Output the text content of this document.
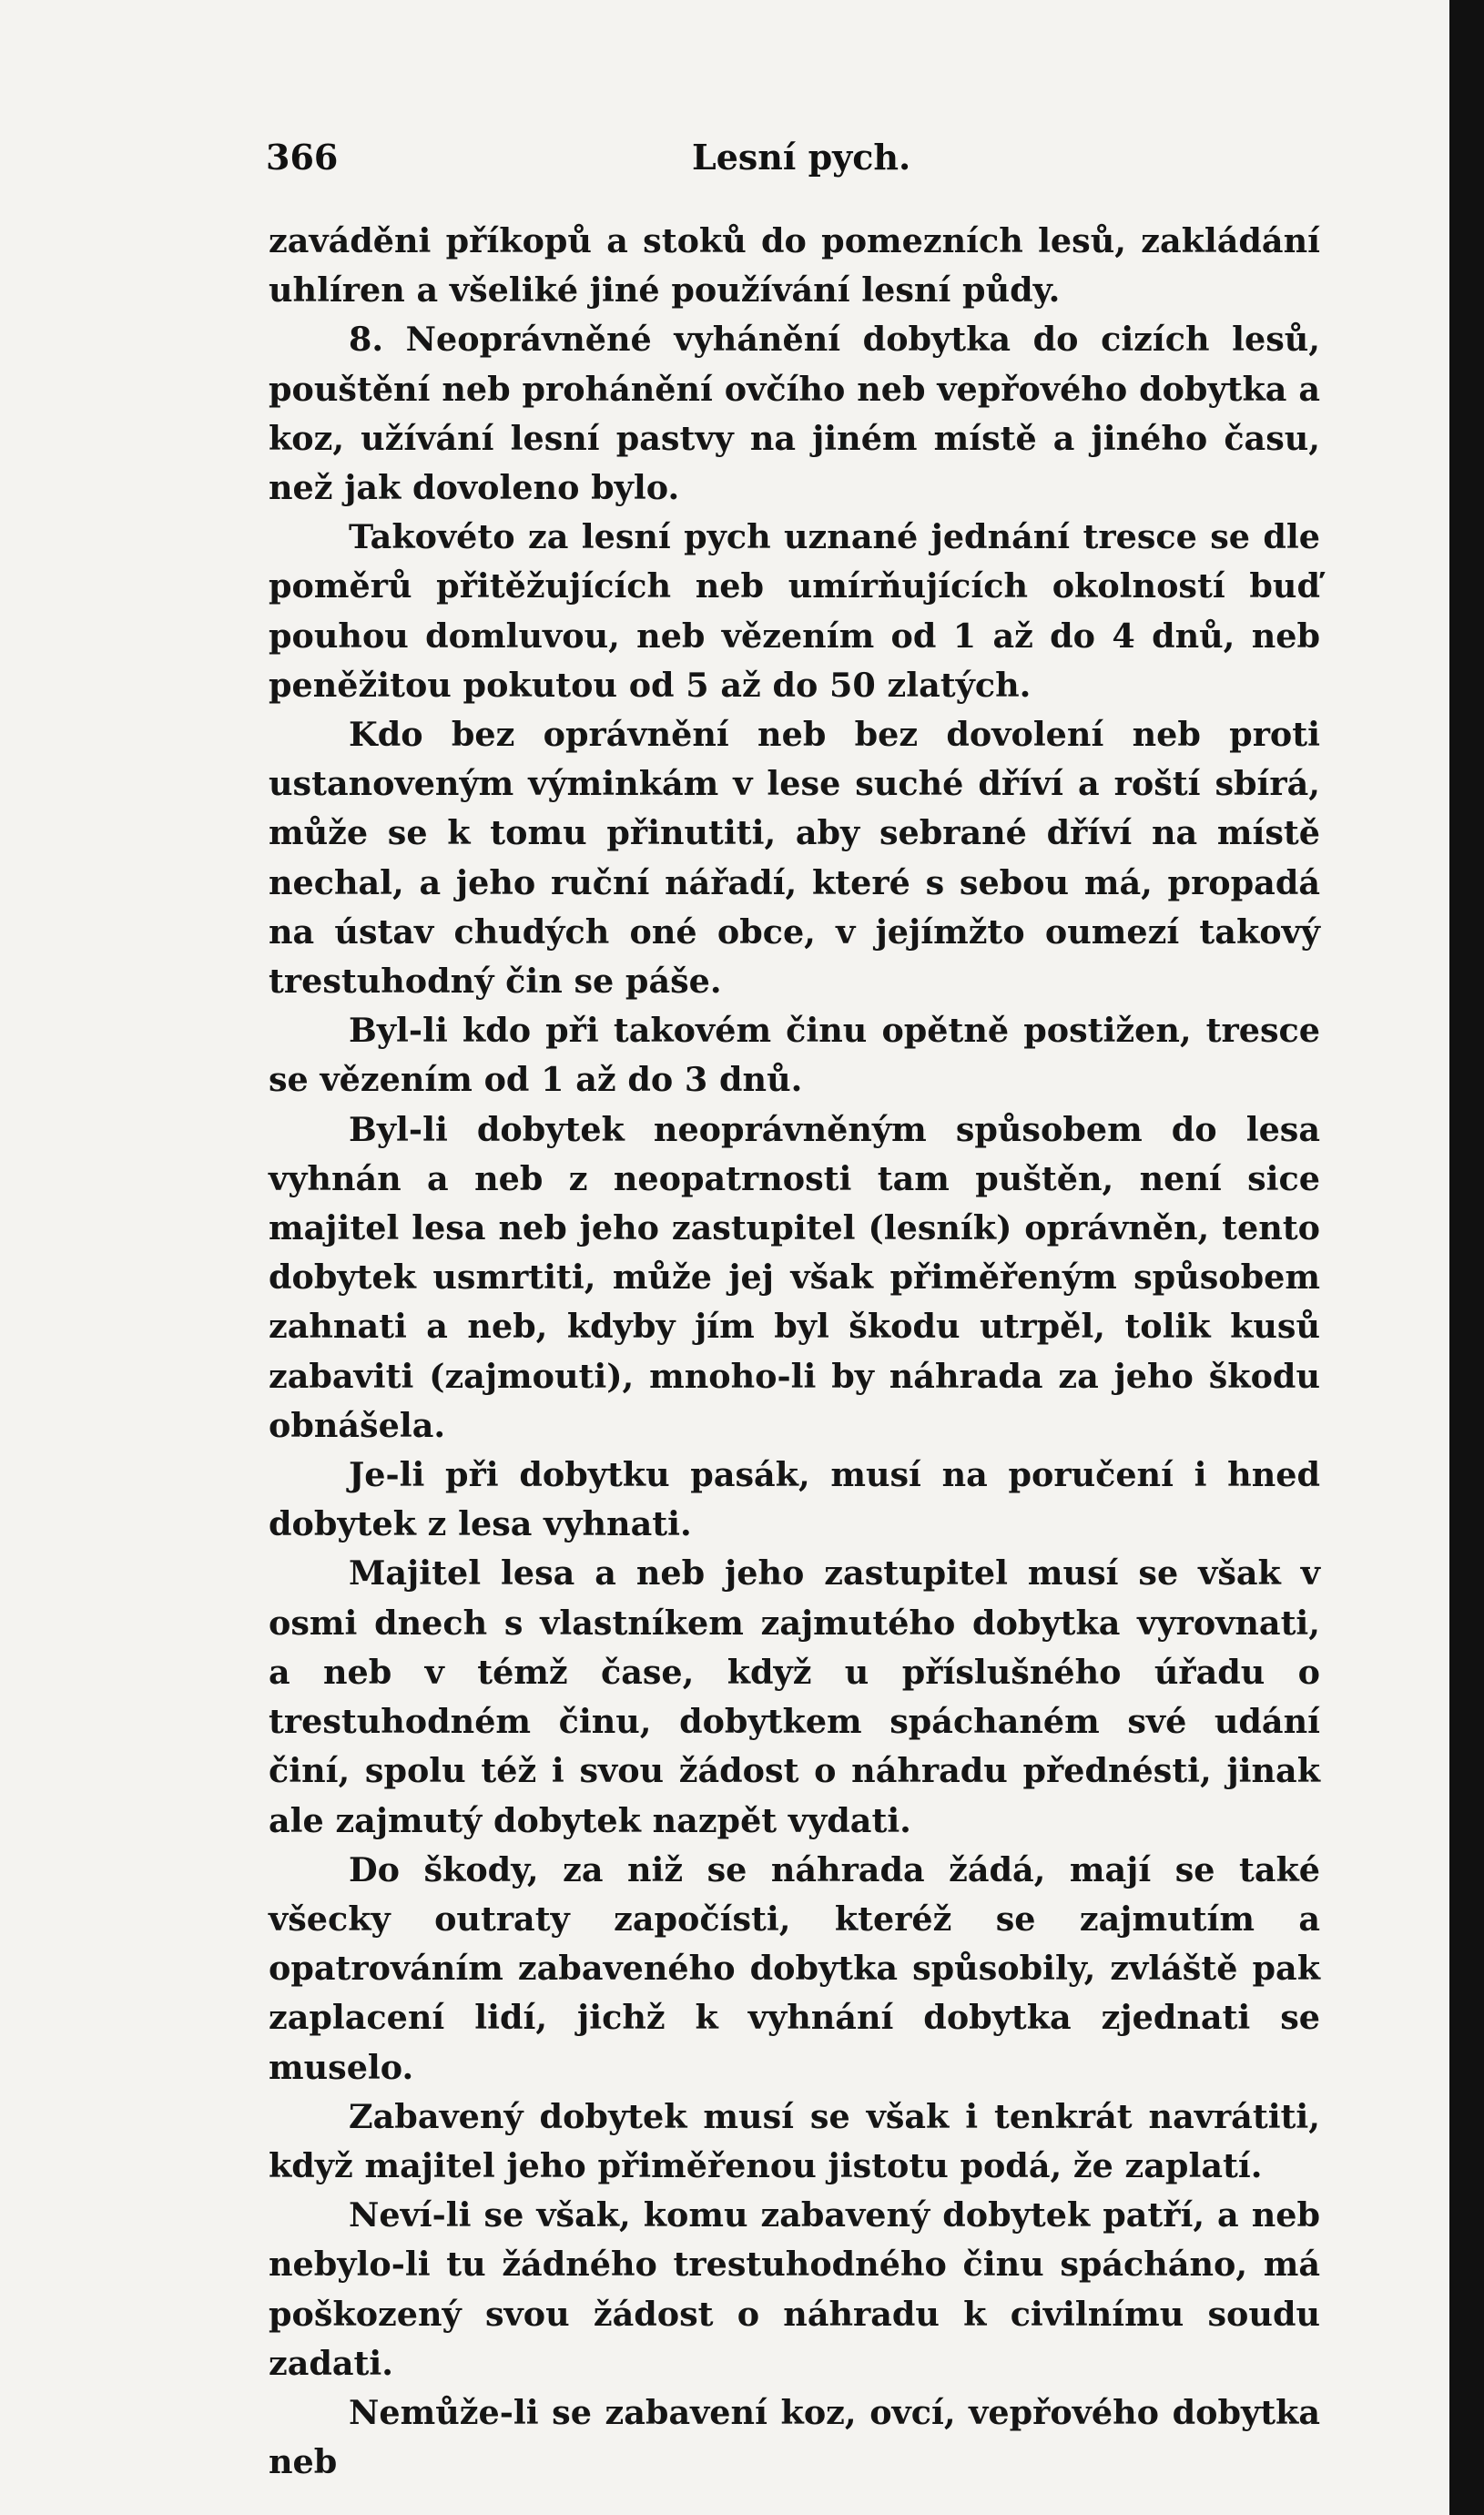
366	Lesní pych.

zaváděni příkopů a stoků do pomezních lesů, zakládání uhlíren a všeliké jiné používání lesní půdy.

8. Neoprávněné vyhánění dobytka do cizích lesů, pouštění neb prohánění ovčího neb vepřového dobytka a koz, užívání lesní pastvy na jiném místě a jiného času, než jak dovoleno bylo.

Takovéto za lesní pych uznané jednání tresce se dle poměrů přitěžujících neb umírňujících okolností buď pouhou domluvou, neb vězením od 1 až do 4 dnů, neb peněžitou pokutou od 5 až do 50 zlatých.

Kdo bez oprávnění neb bez dovolení neb proti ustanoveným výminkám v lese suché dříví a roští sbírá, může se k tomu přinutiti, aby sebrané dříví na místě nechal, a jeho ruční nářadí, které s sebou má, propadá na ústav chudých oné obce, v jejímžto oumezí takový trestuhodný čin se páše.

Byl-li kdo při takovém činu opětně postižen, tresce se vězením od 1 až do 3 dnů.

Byl-li dobytek neoprávněným spůsobem do lesa vyhnán a neb z neopatrnosti tam puštěn, není sice majitel lesa neb jeho zastupitel (lesník) oprávněn, tento dobytek usmrtiti, může jej však přiměřeným spůsobem zahnati a neb, kdyby jím byl škodu utrpěl, tolik kusů zabaviti (zajmouti), mnoho-li by náhrada za jeho škodu obnášela.

Je-li při dobytku pasák, musí na poručení i hned dobytek z lesa vyhnati.

Majitel lesa a neb jeho zastupitel musí se však v osmi dnech s vlastníkem zajmutého dobytka vyrovnati, a neb v témž čase, když u příslušného úřadu o trestuhodném činu, dobytkem spáchaném své udání činí, spolu též i svou žádost o náhradu přednésti, jinak ale zajmutý dobytek nazpět vydati.

Do škody, za niž se náhrada žádá, mají se také všecky outraty započísti, kteréž se zajmutím a opatrováním zabaveného dobytka spůsobily, zvláště pak zaplacení lidí, jichž k vyhnání dobytka zjednati se muselo.

Zabavený dobytek musí se však i tenkrát navrátiti, když majitel jeho přiměřenou jistotu podá, že zaplatí.

Neví-li se však, komu zabavený dobytek patří, a neb nebylo-li tu žádného trestuhodného činu spácháno, má poškozený svou žádost o náhradu k civilnímu soudu zadati.

Nemůže-li se zabavení koz, ovcí, vepřového dobytka neb
